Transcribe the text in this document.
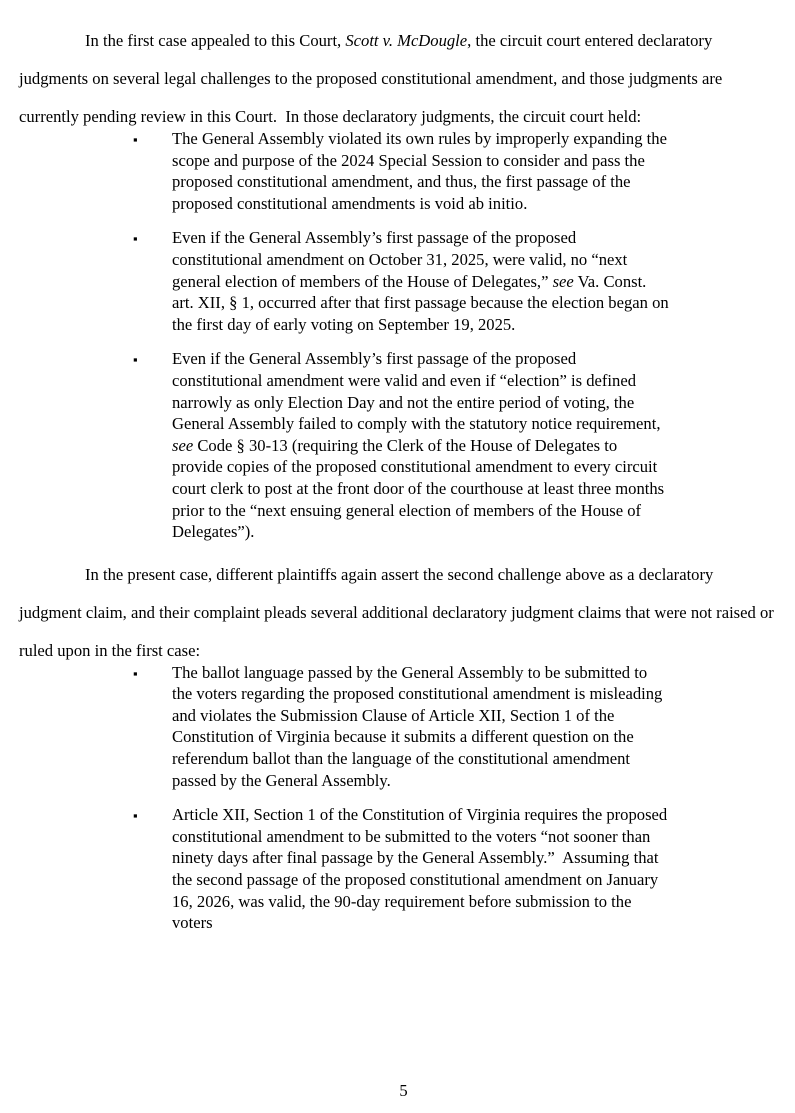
In the first case appealed to this Court, Scott v. McDougle, the circuit court entered declaratory judgments on several legal challenges to the proposed constitutional amendment, and those judgments are currently pending review in this Court.  In those declaratory judgments, the circuit court held:

▪ The General Assembly violated its own rules by improperly expanding the scope and purpose of the 2024 Special Session to consider and pass the proposed constitutional amendment, and thus, the first passage of the proposed constitutional amendments is void ab initio.
▪ Even if the General Assembly’s first passage of the proposed constitutional amendment on October 31, 2025, were valid, no “next general election of members of the House of Delegates,” see Va. Const. art. XII, § 1, occurred after that first passage because the election began on the first day of early voting on September 19, 2025.
▪ Even if the General Assembly’s first passage of the proposed constitutional amendment were valid and even if “election” is defined narrowly as only Election Day and not the entire period of voting, the General Assembly failed to comply with the statutory notice requirement, see Code § 30-13 (requiring the Clerk of the House of Delegates to provide copies of the proposed constitutional amendment to every circuit court clerk to post at the front door of the courthouse at least three months prior to the “next ensuing general election of members of the House of Delegates”).

In the present case, different plaintiffs again assert the second challenge above as a declaratory judgment claim, and their complaint pleads several additional declaratory judgment claims that were not raised or ruled upon in the first case:

▪ The ballot language passed by the General Assembly to be submitted to the voters regarding the proposed constitutional amendment is misleading and violates the Submission Clause of Article XII, Section 1 of the Constitution of Virginia because it submits a different question on the referendum ballot than the language of the constitutional amendment passed by the General Assembly.
▪ Article XII, Section 1 of the Constitution of Virginia requires the proposed constitutional amendment to be submitted to the voters “not sooner than ninety days after final passage by the General Assembly.”  Assuming that the second passage of the proposed constitutional amendment on January 16, 2026, was valid, the 90-day requirement before submission to the voters
5
